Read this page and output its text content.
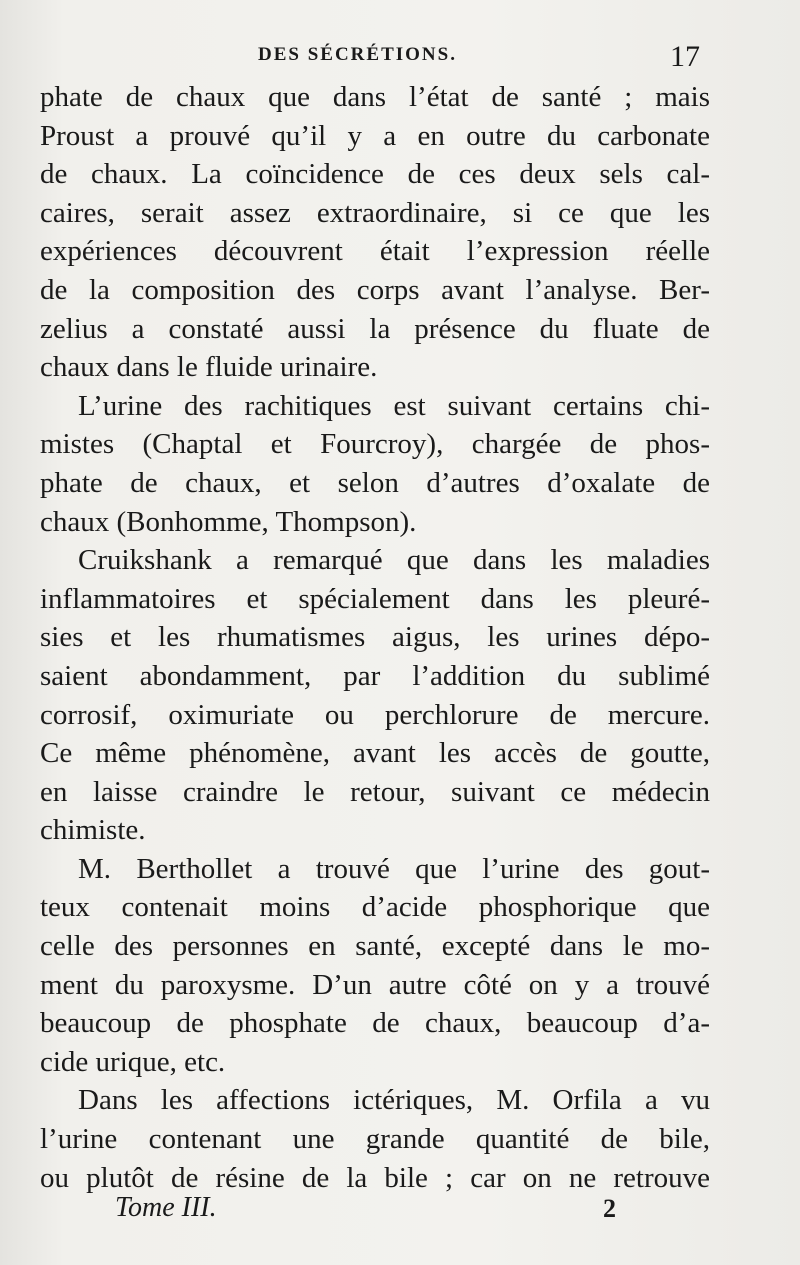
DES SÉCRÉTIONS.	17
phate de chaux que dans l’état de santé ; mais
Proust a prouvé qu’il y a en outre du carbonate
de chaux. La coïncidence de ces deux sels cal-
caires, serait assez extraordinaire, si ce que les
expériences découvrent était l’expression réelle
de la composition des corps avant l’analyse. Ber-
zelius a constaté aussi la présence du fluate de
chaux dans le fluide urinaire.
L’urine des rachitiques est suivant certains chi-
mistes (Chaptal et Fourcroy), chargée de phos-
phate de chaux, et selon d’autres d’oxalate de
chaux (Bonhomme, Thompson).
Cruikshank a remarqué que dans les maladies
inflammatoires et spécialement dans les pleuré-
sies et les rhumatismes aigus, les urines dépo-
saient abondamment, par l’addition du sublimé
corrosif, oximuriate ou perchlorure de mercure.
Ce même phénomène, avant les accès de goutte,
en laisse craindre le retour, suivant ce médecin
chimiste.
M. Berthollet a trouvé que l’urine des gout-
teux contenait moins d’acide phosphorique que
celle des personnes en santé, excepté dans le mo-
ment du paroxysme. D’un autre côté on y a trouvé
beaucoup de phosphate de chaux, beaucoup d’a-
cide urique, etc.
Dans les affections ictériques, M. Orfila a vu
l’urine contenant une grande quantité de bile,
ou plutôt de résine de la bile ; car on ne retrouve
Tome III.	2
